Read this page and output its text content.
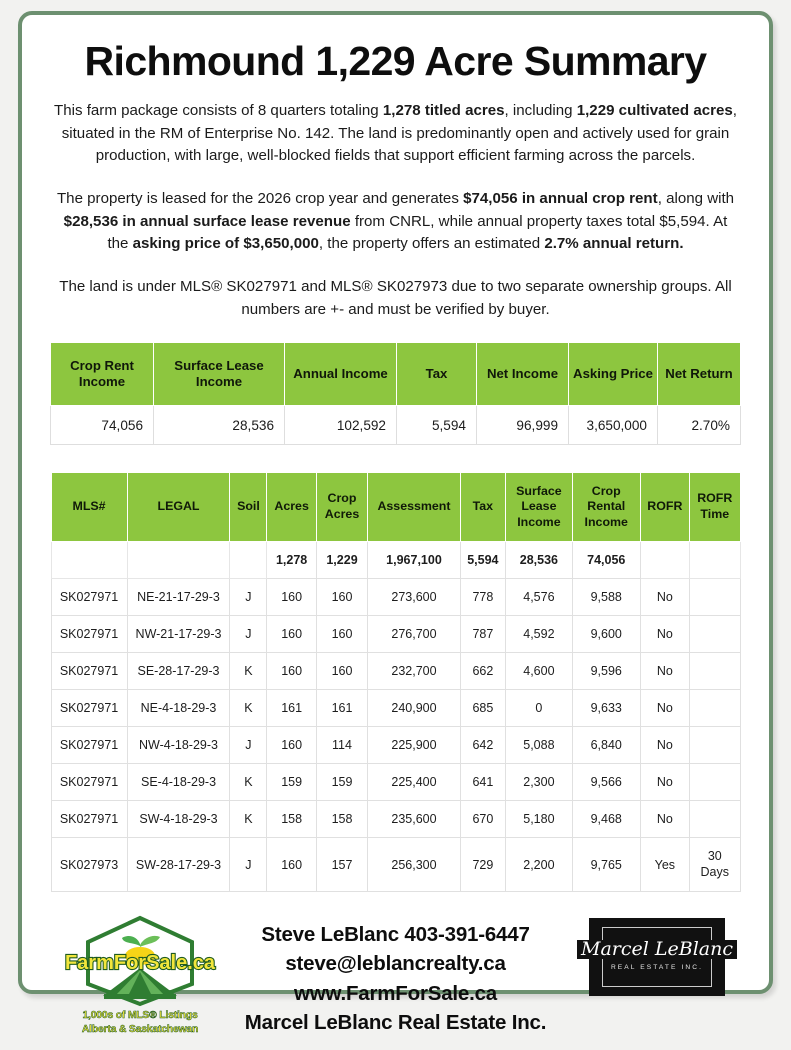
Richmound 1,229 Acre Summary

This farm package consists of 8 quarters totaling 1,278 titled acres, including 1,229 cultivated acres, situated in the RM of Enterprise No. 142. The land is predominantly open and actively used for grain production, with large, well-blocked fields that support efficient farming across the parcels.

The property is leased for the 2026 crop year and generates $74,056 in annual crop rent, along with $28,536 in annual surface lease revenue from CNRL, while annual property taxes total $5,594. At the asking price of $3,650,000, the property offers an estimated 2.7% annual return.

The land is under MLS® SK027971 and MLS® SK027973 due to two separate ownership groups. All numbers are +- and must be verified by buyer.

Crop Rent Income	Surface Lease Income	Annual Income	Tax	Net Income	Asking Price	Net Return
74,056	28,536	102,592	5,594	96,999	3,650,000	2.70%
			1,278	1,229	1,967,100	5,594	28,536	74,056		
MLS#	LEGAL	Soil	Acres	Crop Acres	Assessment	Tax	Surface Lease Income	Crop Rental Income	ROFR	ROFR Time
SK027971	NE-21-17-29-3	J	160	160	273,600	778	4,576	9,588	No	
SK027971	NW-21-17-29-3	J	160	160	276,700	787	4,592	9,600	No	
SK027971	SE-28-17-29-3	K	160	160	232,700	662	4,600	9,596	No	
SK027971	NE-4-18-29-3	K	161	161	240,900	685	0	9,633	No	
SK027971	NW-4-18-29-3	J	160	114	225,900	642	5,088	6,840	No	
SK027971	SE-4-18-29-3	K	159	159	225,400	641	2,300	9,566	No	
SK027971	SW-4-18-29-3	K	158	158	235,600	670	5,180	9,468	No	
SK027973	SW-28-17-29-3	J	160	157	256,300	729	2,200	9,765	Yes	30 Days
FarmForSale.ca
1,000s of MLS® Listings
Alberta & Saskatchewan
Steve LeBlanc 403-391-6447
steve@leblancrealty.ca
www.FarmForSale.ca
Marcel LeBlanc Real Estate Inc.
Marcel LeBlanc
REAL ESTATE INC.
